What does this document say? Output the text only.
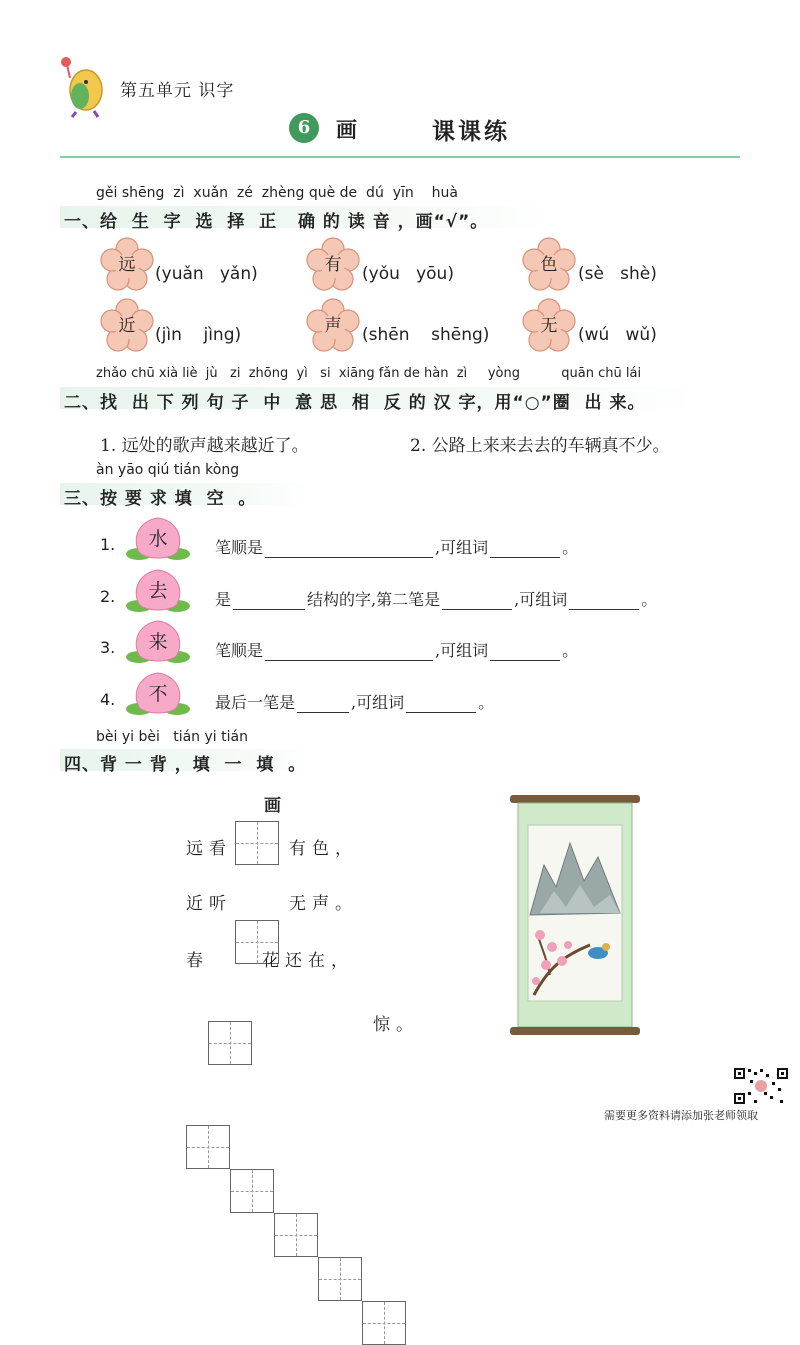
第五单元 识字
6	画	课课练
gěi shēng  zì  xuǎn  zé  zhèng què de  dú  yīn    huà
一、给  生  字  选  择  正   确 的 读 音 ，画“√”。
远	(yuǎn   yǎn)	有	(yǒu   yōu)	色	(sè   shè)
近	(jìn    jìng)	声	(shēn    shēng)	无	(wú   wǔ)
zhǎo chū xià liè  jù   zi  zhōng  yì   si  xiāng fǎn de hàn  zì     yòng          quān chū lái
二、找  出 下 列 句 子  中  意 思  相  反 的 汉 字，用“○”圈  出 来。
1. 远处的歌声越来越近了。	2. 公路上来来去去的车辆真不少。
àn yāo qiú tián kòng
三、按 要 求 填  空  。
1.	水	笔顺是	,可组词	。
2.	去	是	结构的字,第二笔是	,可组词	。
3.	来	笔顺是	,可组词	。
4.	不	最后一笔是	,可组词	。
bèi yi bèi   tián yi tián
四、背 一 背 ，填  一  填  。
画
远看	有色，
近听	无声。
春	花还在，
惊。
需要更多资料请添加张老师领取
